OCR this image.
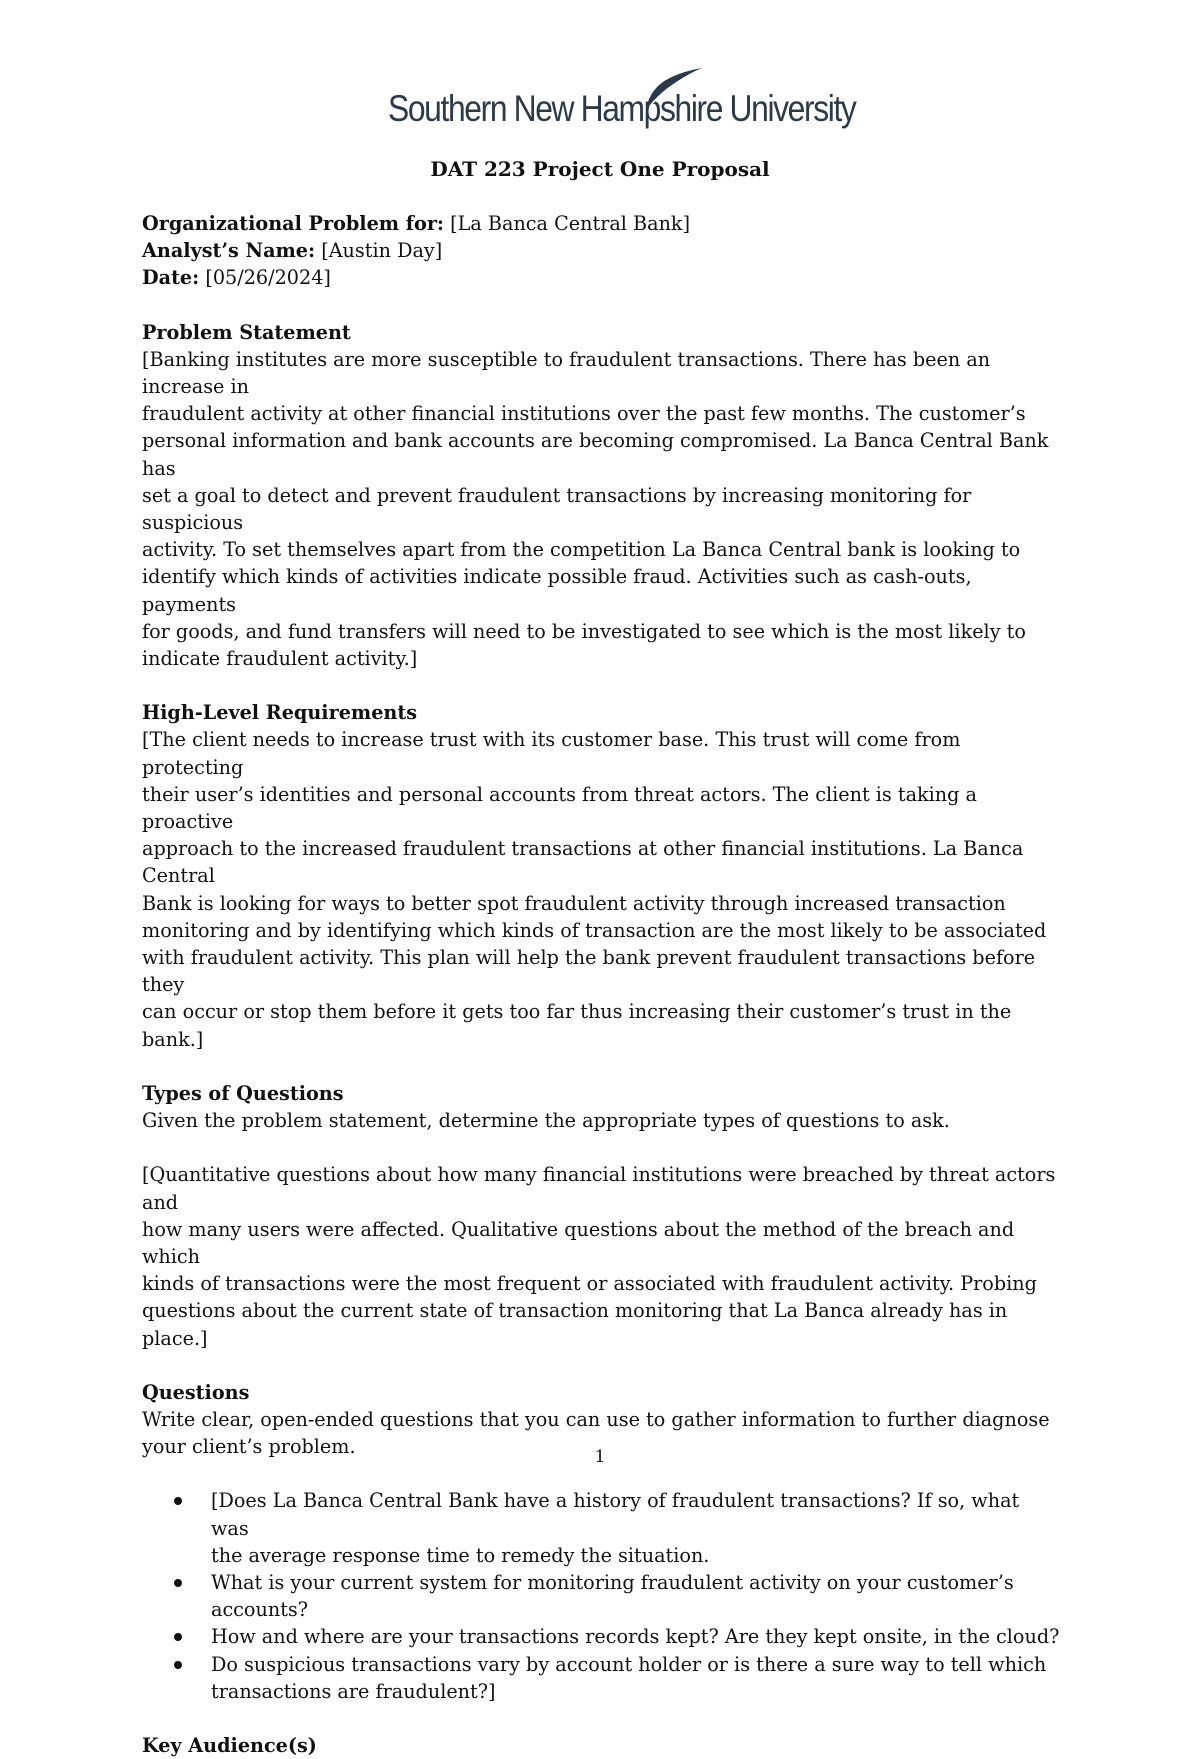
Southern New Hampshire University
DAT 223 Project One Proposal

Organizational Problem for: [La Banca Central Bank]

Analyst’s Name: [Austin Day]

Date: [05/26/2024]

Problem Statement

[Banking institutes are more susceptible to fraudulent transactions. There has been an increase in

fraudulent activity at other financial institutions over the past few months. The customer’s

personal information and bank accounts are becoming compromised. La Banca Central Bank has

set a goal to detect and prevent fraudulent transactions by increasing monitoring for suspicious

activity. To set themselves apart from the competition La Banca Central bank is looking to

identify which kinds of activities indicate possible fraud. Activities such as cash-outs, payments

for goods, and fund transfers will need to be investigated to see which is the most likely to

indicate fraudulent activity.]

High-Level Requirements

[The client needs to increase trust with its customer base. This trust will come from protecting

their user’s identities and personal accounts from threat actors. The client is taking a proactive

approach to the increased fraudulent transactions at other financial institutions. La Banca Central

Bank is looking for ways to better spot fraudulent activity through increased transaction

monitoring and by identifying which kinds of transaction are the most likely to be associated

with fraudulent activity. This plan will help the bank prevent fraudulent transactions before they

can occur or stop them before it gets too far thus increasing their customer’s trust in the bank.]

Types of Questions

Given the problem statement, determine the appropriate types of questions to ask.

[Quantitative questions about how many financial institutions were breached by threat actors and

how many users were affected. Qualitative questions about the method of the breach and which

kinds of transactions were the most frequent or associated with fraudulent activity. Probing

questions about the current state of transaction monitoring that La Banca already has in place.]

Questions

Write clear, open-ended questions that you can use to gather information to further diagnose

your client’s problem.

[Does La Banca Central Bank have a history of fraudulent transactions? If so, what was
the average response time to remedy the situation.
What is your current system for monitoring fraudulent activity on your customer’s
accounts?
How and where are your transactions records kept? Are they kept onsite, in the cloud?
Do suspicious transactions vary by account holder or is there a sure way to tell which
transactions are fraudulent?]

Key Audience(s)

1
